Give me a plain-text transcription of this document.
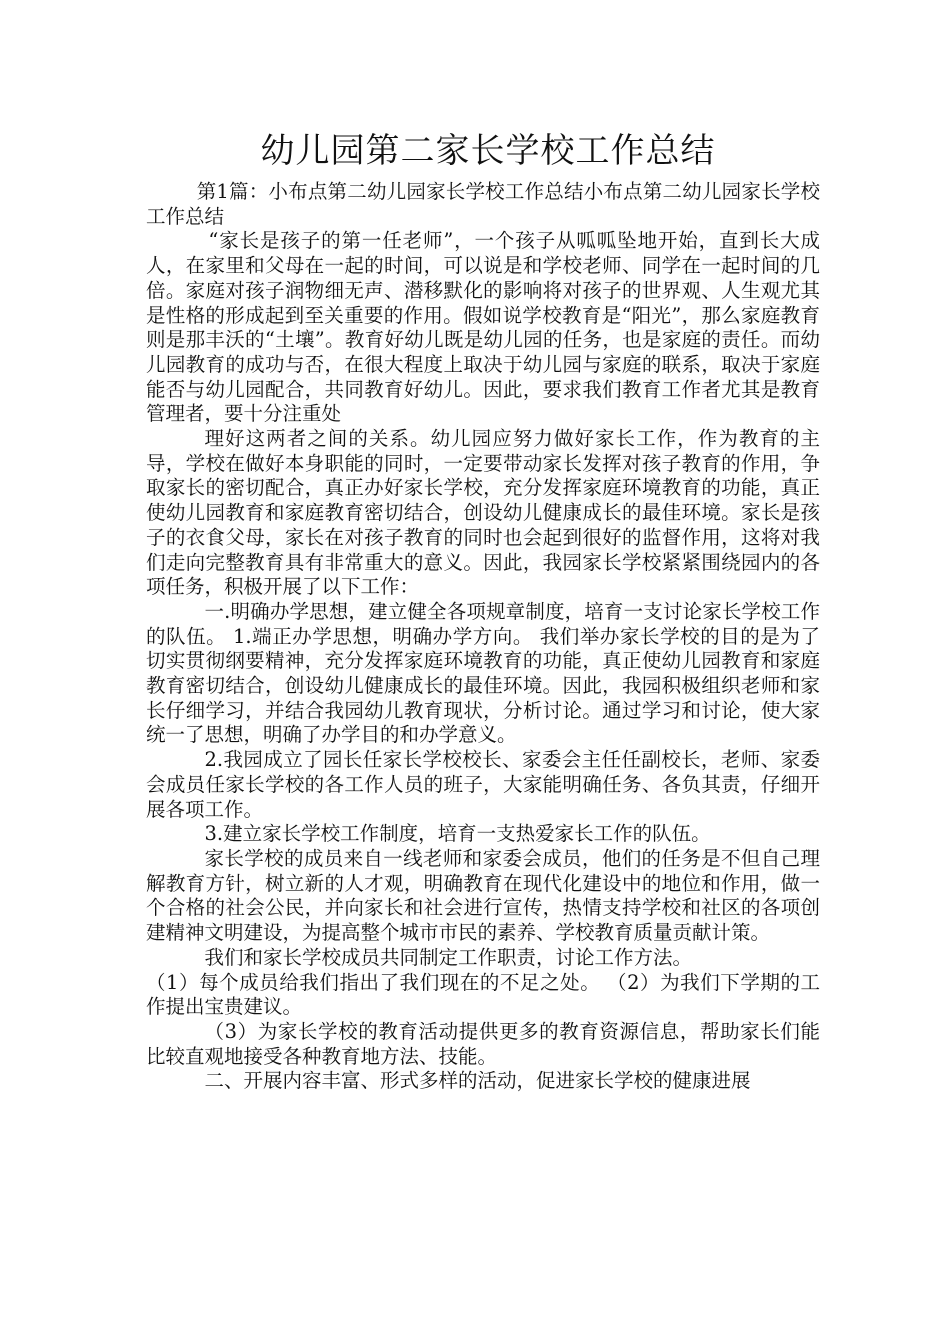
幼儿园第二家长学校工作总结

第1篇：小布点第二幼儿园家长学校工作总结小布点第二幼儿园家长学校工作总结

“家长是孩子的第一任老师”，一个孩子从呱呱坠地开始，直到长大成人，在家里和父母在一起的时间，可以说是和学校老师、同学在一起时间的几倍。家庭对孩子润物细无声、潜移默化的影响将对孩子的世界观、人生观尤其是性格的形成起到至关重要的作用。假如说学校教育是“阳光”，那么家庭教育则是那丰沃的“土壤”。教育好幼儿既是幼儿园的任务，也是家庭的责任。而幼儿园教育的成功与否，在很大程度上取决于幼儿园与家庭的联系，取决于家庭能否与幼儿园配合，共同教育好幼儿。因此，要求我们教育工作者尤其是教育管理者，要十分注重处

理好这两者之间的关系。幼儿园应努力做好家长工作，作为教育的主导，学校在做好本身职能的同时，一定要带动家长发挥对孩子教育的作用，争取家长的密切配合，真正办好家长学校，充分发挥家庭环境教育的功能，真正使幼儿园教育和家庭教育密切结合，创设幼儿健康成长的最佳环境。家长是孩子的衣食父母，家长在对孩子教育的同时也会起到很好的监督作用，这将对我们走向完整教育具有非常重大的意义。因此，我园家长学校紧紧围绕园内的各项任务，积极开展了以下工作：

一.明确办学思想，建立健全各项规章制度，培育一支讨论家长学校工作的队伍。 1.端正办学思想，明确办学方向。 我们举办家长学校的目的是为了切实贯彻纲要精神，充分发挥家庭环境教育的功能，真正使幼儿园教育和家庭教育密切结合，创设幼儿健康成长的最佳环境。因此，我园积极组织老师和家长仔细学习，并结合我园幼儿教育现状，分析讨论。通过学习和讨论，使大家统一了思想，明确了办学目的和办学意义。

2.我园成立了园长任家长学校校长、家委会主任任副校长，老师、家委会成员任家长学校的各工作人员的班子，大家能明确任务、各负其责，仔细开展各项工作。

3.建立家长学校工作制度，培育一支热爱家长工作的队伍。

家长学校的成员来自一线老师和家委会成员，他们的任务是不但自己理解教育方针，树立新的人才观，明确教育在现代化建设中的地位和作用，做一个合格的社会公民，并向家长和社会进行宣传，热情支持学校和社区的各项创建精神文明建设，为提高整个城市市民的素养、学校教育质量贡献计策。

我们和家长学校成员共同制定工作职责，讨论工作方法。

（1）每个成员给我们指出了我们现在的不足之处。 （2）为我们下学期的工作提出宝贵建议。

（3）为家长学校的教育活动提供更多的教育资源信息，帮助家长们能比较直观地接受各种教育地方法、技能。

二、开展内容丰富、形式多样的活动，促进家长学校的健康进展
